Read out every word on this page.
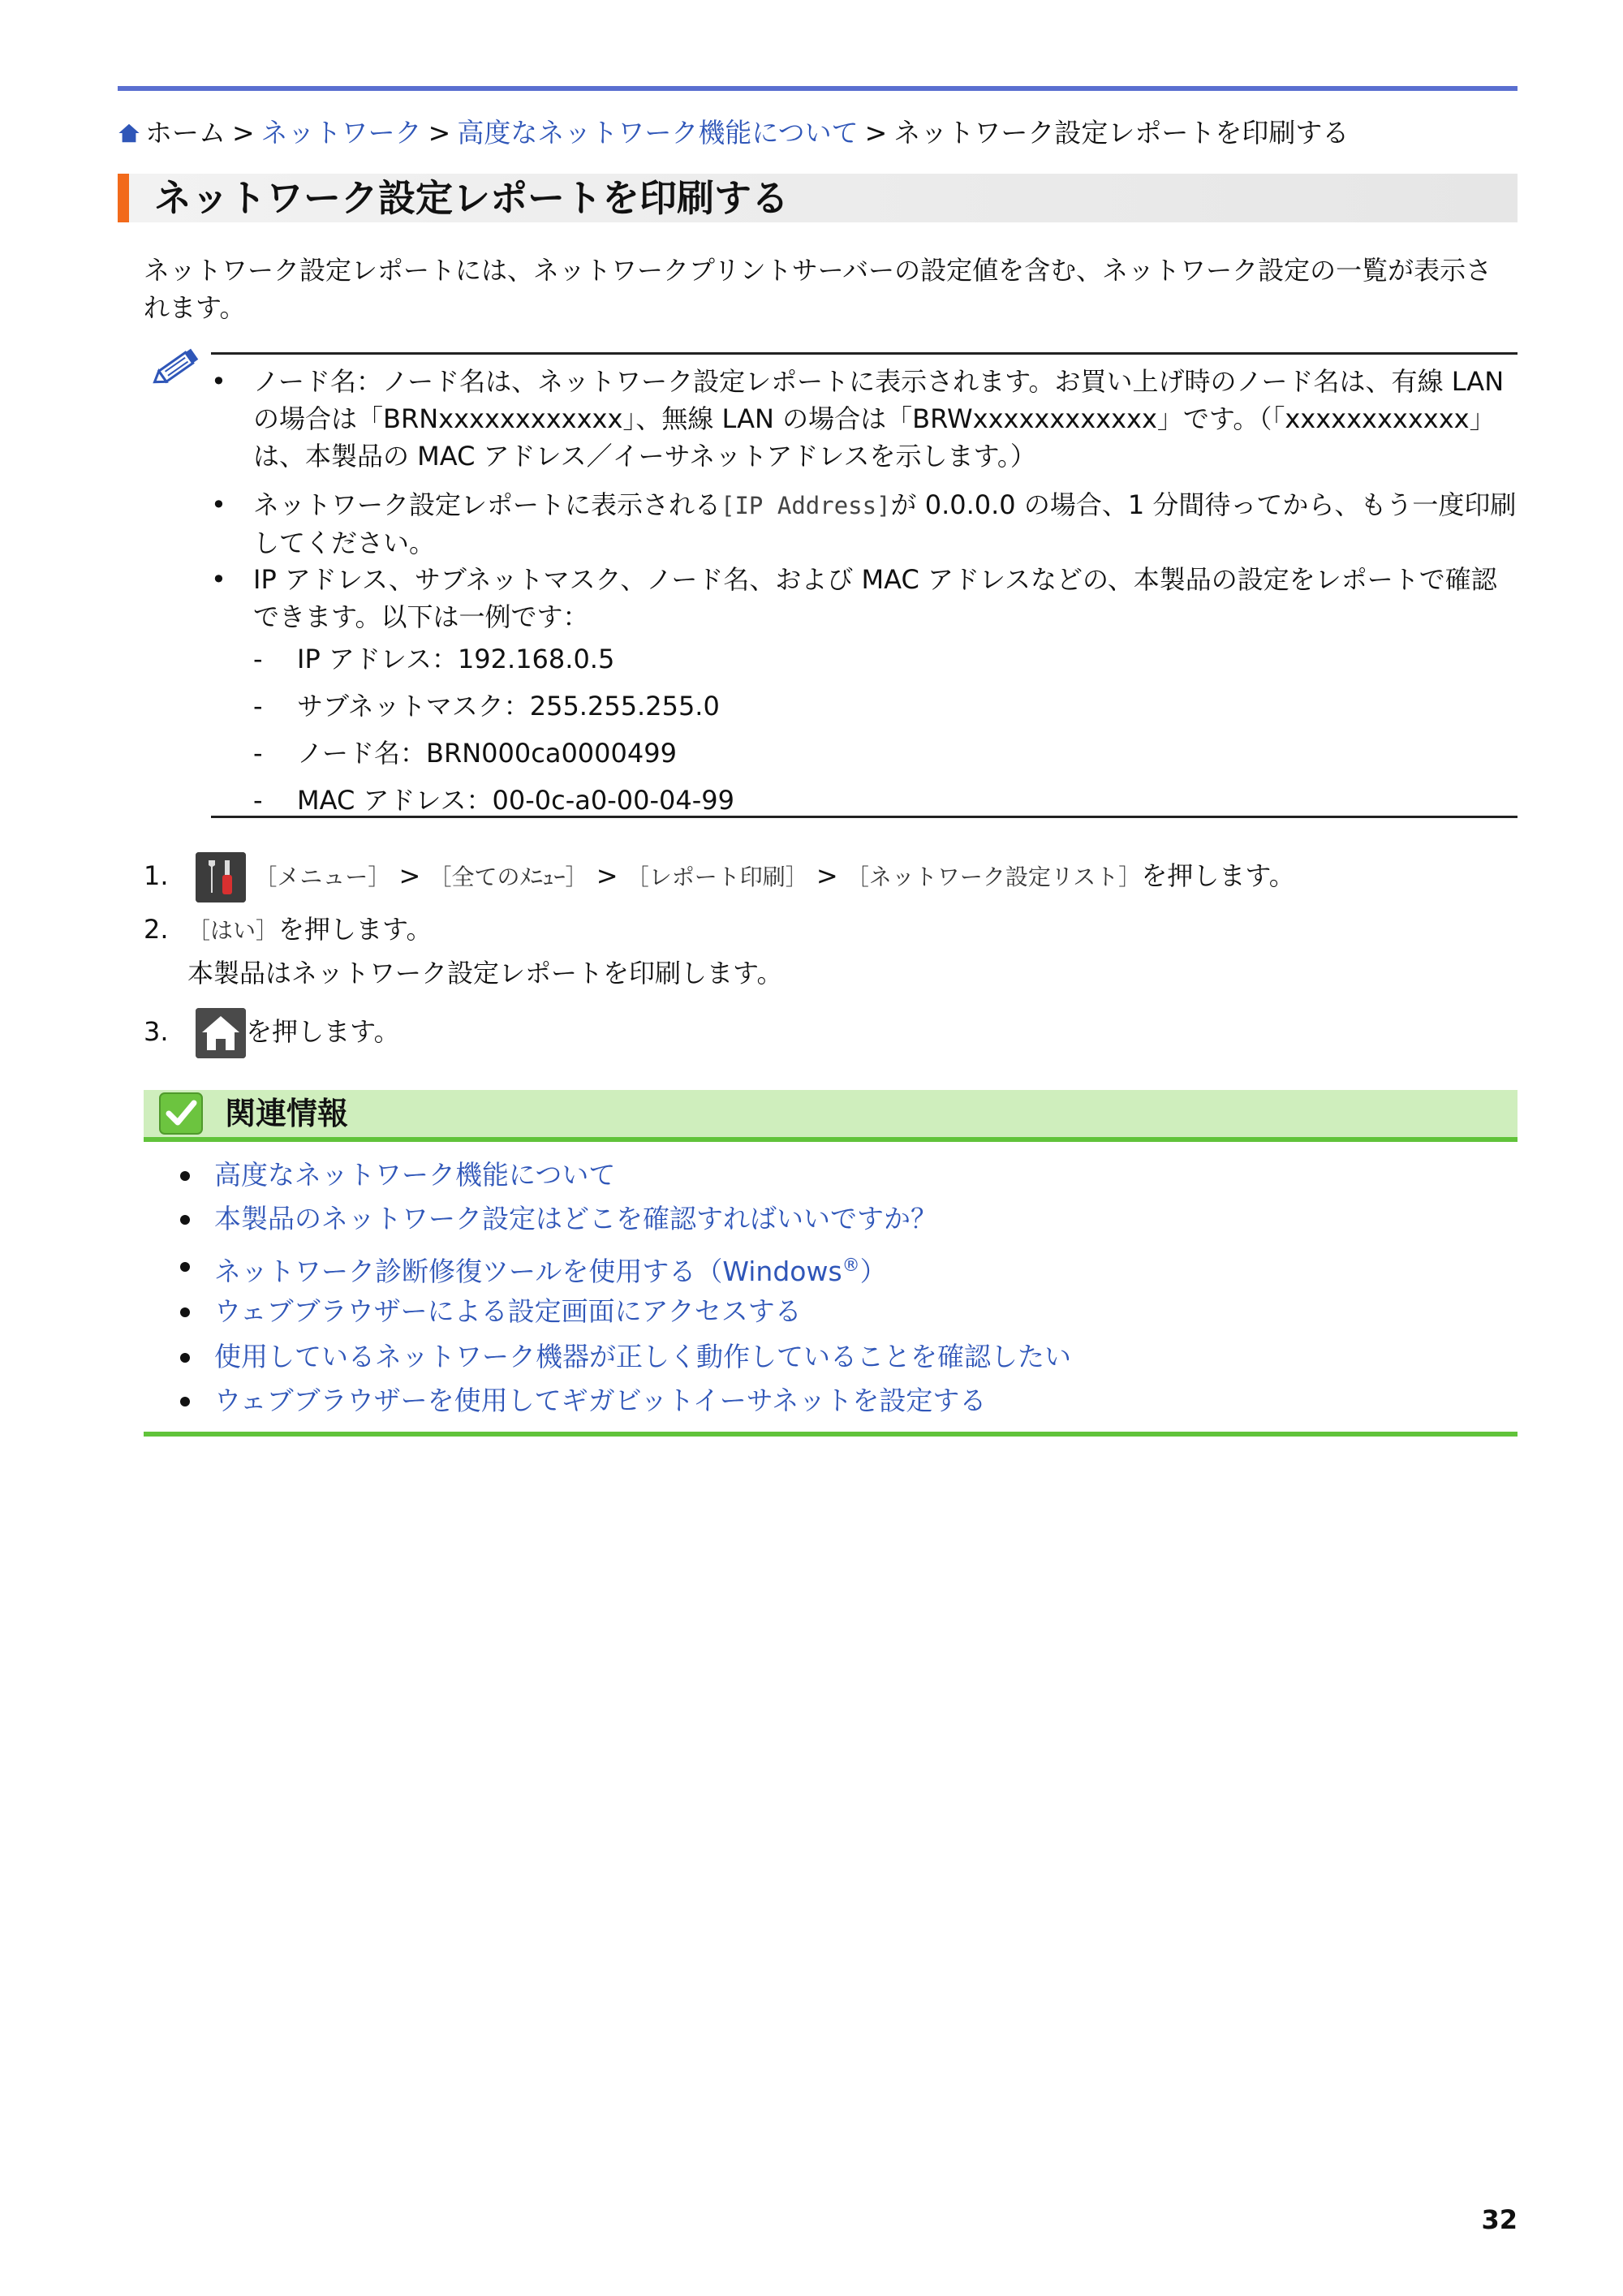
ホーム > ネットワーク > 高度なネットワーク機能について > ネットワーク設定レポートを印刷する
ネットワーク設定レポートを印刷する
ネットワーク設定レポートには、ネットワークプリントサーバーの設定値を含む、ネットワーク設定の一覧が表示されます。
•	ノード名：ノード名は、ネットワーク設定レポートに表示されます。お買い上げ時のノード名は、有線 LAN の場合は「BRNxxxxxxxxxxxx」、無線 LAN の場合は「BRWxxxxxxxxxxxx」です。（「xxxxxxxxxxxx」は、本製品の MAC アドレス／イーサネットアドレスを示します。）
•	ネットワーク設定レポートに表示される[IP Address]が 0.0.0.0 の場合、1 分間待ってから、もう一度印刷してください。
•	IP アドレス、サブネットマスク、ノード名、および MAC アドレスなどの、本製品の設定をレポートで確認できます。以下は一例です：
- IP アドレス：192.168.0.5
- サブネットマスク：255.255.255.0
- ノード名：BRN000ca0000499
- MAC アドレス：00-0c-a0-00-04-99
1.	［メニュー］ > ［全てのﾒﾆｭｰ］ > ［レポート印刷］ > ［ネットワーク設定リスト］を押します。
2. ［はい］を押します。
本製品はネットワーク設定レポートを印刷します。
3.	を押します。
関連情報
高度なネットワーク機能について
本製品のネットワーク設定はどこを確認すればいいですか？
ネットワーク診断修復ツールを使用する（Windows®）
ウェブブラウザーによる設定画面にアクセスする
使用しているネットワーク機器が正しく動作していることを確認したい
ウェブブラウザーを使用してギガビットイーサネットを設定する
32
